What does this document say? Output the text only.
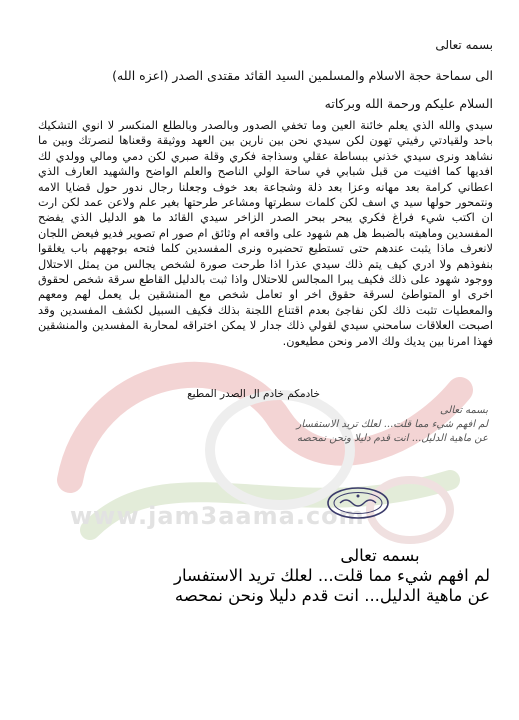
www.jam3aama.com
بسمه تعالى
الى سماحة حجة الاسلام والمسلمين السيد القائد مقتدى الصدر (اعزه الله)
السلام عليكم ورحمة الله وبركاته
سيدي والله الذي يعلم خائنة العين وما تخفي الصدور وبالصدر وبالطلع المنكسر لا انوي التشكيك باحد ولقيادتي رفيتي تهون لكن سيدي نحن بين نارين بين العهد ووثيقة وقعناها لنصرتك وبين ما نشاهد ونرى سيدي خذني ببساطة عقلي وسذاجة فكري وقلة صبري لكن دمي ومالي وولدي لك افديها كما افنيت من قبل شبابي في ساحة الولي الناصح والعلم الواضح والشهيد العارف الذي اعطاني كرامة بعد مهانه وعزا بعد ذلة وشجاعة بعد خوف وجعلنا رجال ندور حول قضايا الامه ونتمحور حولها سيد ي اسف لكن كلمات سطرتها ومشاعر طرحتها بغير علم ولاعن عمد لكن ارت ان اكتب شيء فراغ فكري يبحر ببحر الصدر الزاخر سيدي القائد ما هو الدليل الذي يفضح المفسدين وماهيته بالضبط هل هم شهود على واقعه ام وثائق ام صور ام تصوير فديو فيعض اللجان لانعرف ماذا يثبت عندهم حتى تستطيع تحضيره ونرى المفسدين كلما فتحه بوجههم باب يغلقوا بنفوذهم ولا ادري كيف يتم ذلك سيدي عذرا اذا طرحت صورة لشخص يجالس من يمثل الاحتلال ووجود شهود على ذلك فكيف يبرا المجالس للاحتلال واذا ثبت بالدليل القاطع سرقة شخص لحقوق اخرى او المتواطئ لسرقة حقوق اخر او تعامل شخص مع المنشقين بل يعمل لهم ومعهم والمعطيات تثبت ذلك لكن نفاجئ بعدم اقتناع اللجنة بذلك فكيف السبيل لكشف المفسدين وقد اصبحت العلاقات سامحني سيدي لقولي ذلك جدار لا يمكن اختراقه لمحاربة المفسدين والمنشقين فهذا امرنا بين يديك ولك الامر ونحن مطيعون.
خادمكم خادم ال الصدر المطيع
بسمه تعالى
لم افهم شيء مما قلت... لعلك تريد الاستفسار
عن ماهية الدليل... انت قدم دليلا ونحن نمحصه
بسمه تعالى
لم افهم شيء مما قلت... لعلك تريد الاستفسار
عن ماهية الدليل... انت قدم دليلا ونحن نمحصه
